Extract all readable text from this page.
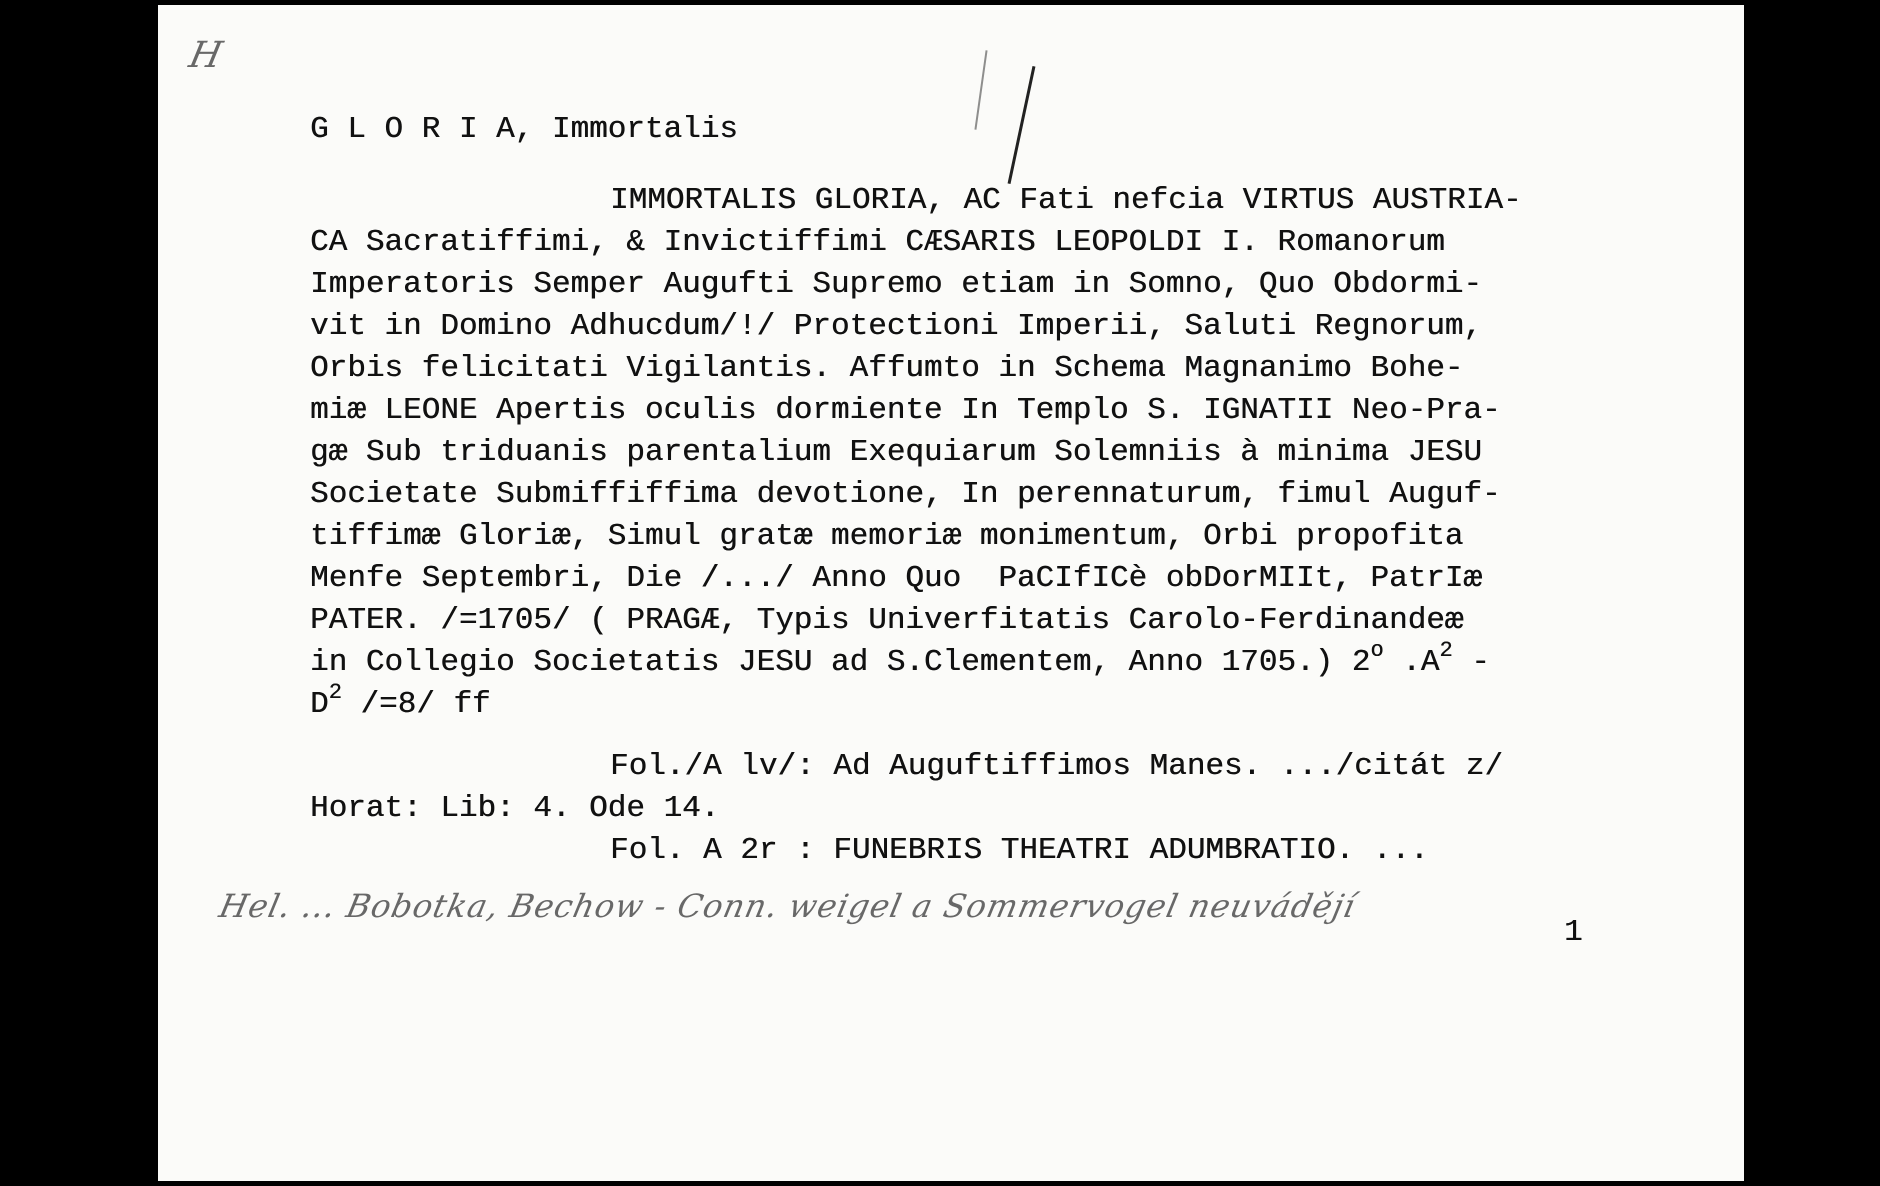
H
G L O R I A, Immortalis
IMMORTALIS GLORIA, AC Fati nefcia VIRTUS AUSTRIA-
CA Sacratiffimi, & Invictiffimi CÆSARIS LEOPOLDI I. Romanorum
Imperatoris Semper Augufti Supremo etiam in Somno, Quo Obdormi-
vit in Domino Adhucdum/!/ Protectioni Imperii, Saluti Regnorum,
Orbis felicitati Vigilantis. Affumto in Schema Magnanimo Bohe-
miæ LEONE Apertis oculis dormiente In Templo S. IGNATII Neo-Pra-
gæ Sub triduanis parentalium Exequiarum Solemniis à minima JESU
Societate Submiffiffima devotione, In perennaturum, fimul Auguf-
tiffimæ Gloriæ, Simul gratæ memoriæ monimentum, Orbi propofita
Menfe Septembri, Die /.../ Anno Quo  PaCIfICè obDorMIIt, PatrIæ
PATER. /=1705/ ( PRAGÆ, Typis Univerfitatis Carolo-Ferdinandeæ
in Collegio Societatis JESU ad S.Clementem, Anno 1705.) 2$^o$ $.A^2$ -
$D^2$ /=8/ ff
Fol./A lv/: Ad Auguftiffimos Manes. .../citát z/
Horat: Lib: 4. Ode 14.
Fol. A 2r : FUNEBRIS THEATRI ADUMBRATIO. ...
Hel. ... Bobotka, Bechow - Conn. weigel a Sommervogel neuvádějí
1
